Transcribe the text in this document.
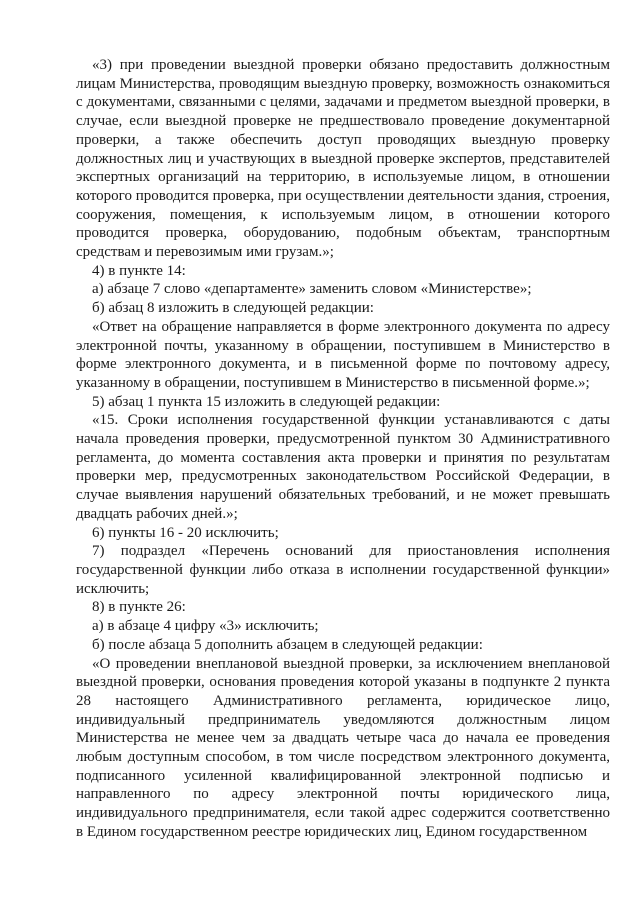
«3) при проведении выездной проверки обязано предоставить должностным лицам Министерства, проводящим выездную проверку, возможность ознакомиться с документами, связанными с целями, задачами и предметом выездной проверки, в случае, если выездной проверке не предшествовало проведение документарной проверки, а также обеспечить доступ проводящих выездную проверку должностных лиц и участвующих в выездной проверке экспертов, представителей экспертных организаций на территорию, в используемые лицом, в отношении которого проводится проверка, при осуществлении деятельности здания, строения, сооружения, помещения, к используемым лицом, в отношении которого проводится проверка, оборудованию, подобным объектам, транспортным средствам и перевозимым ими грузам.»;

4) в пункте 14:

а) абзаце 7 слово «департаменте» заменить словом «Министерстве»;

б) абзац 8 изложить в следующей редакции:

«Ответ на обращение направляется в форме электронного документа по адресу электронной почты, указанному в обращении, поступившем в Министерство в форме электронного документа, и в письменной форме по почтовому адресу, указанному в обращении, поступившем в Министерство в письменной форме.»;

5) абзац 1 пункта 15 изложить в следующей редакции:

«15. Сроки исполнения государственной функции устанавливаются с даты начала проведения проверки, предусмотренной пунктом 30 Административного регламента, до момента составления акта проверки и принятия по результатам проверки мер, предусмотренных законодательством Российской Федерации, в случае выявления нарушений обязательных требований, и не может превышать двадцать рабочих дней.»;

6) пункты 16 - 20 исключить;

7) подраздел «Перечень оснований для приостановления исполнения государственной функции либо отказа в исполнении государственной функции» исключить;

8) в пункте 26:

а) в абзаце 4 цифру «3» исключить;

б) после абзаца 5 дополнить абзацем в следующей редакции:

«О проведении внеплановой выездной проверки, за исключением внеплановой выездной проверки, основания проведения которой указаны в подпункте 2 пункта 28 настоящего Административного регламента, юридическое лицо, индивидуальный предприниматель уведомляются должностным лицом Министерства не менее чем за двадцать четыре часа до начала ее проведения любым доступным способом, в том числе посредством электронного документа, подписанного усиленной квалифицированной электронной подписью и направленного по адресу электронной почты юридического лица, индивидуального предпринимателя, если такой адрес содержится соответственно в Едином государственном реестре юридических лиц, Едином государственном
